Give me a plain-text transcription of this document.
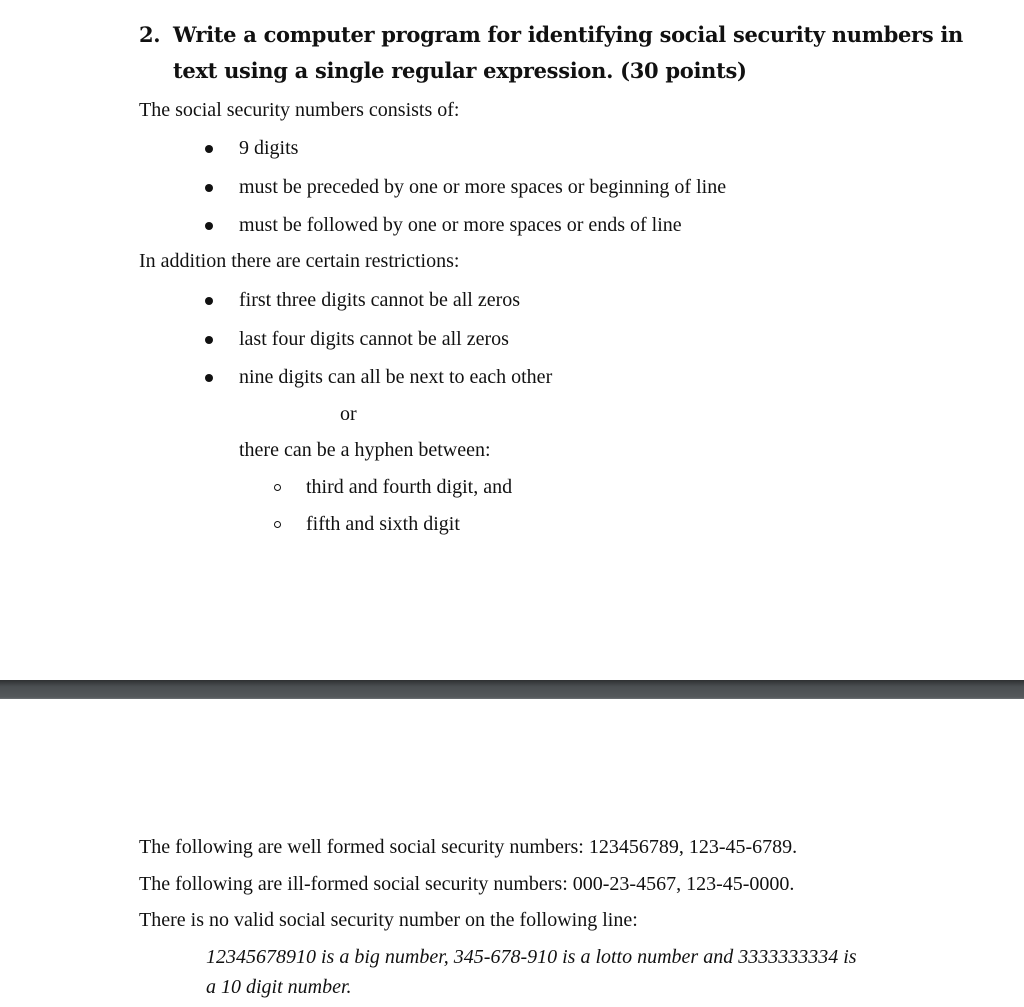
2. Write a computer program for identifying social security numbers in
text using a single regular expression. (30 points)
The social security numbers consists of:
9 digits
must be preceded by one or more spaces or beginning of line
must be followed by one or more spaces or ends of line
In addition there are certain restrictions:
first three digits cannot be all zeros
last four digits cannot be all zeros
nine digits can all be next to each other
or
there can be a hyphen between:
third and fourth digit, and
fifth and sixth digit
The following are well formed social security numbers: 123456789, 123-45-6789.
The following are ill-formed social security numbers: 000-23-4567, 123-45-0000.
There is no valid social security number on the following line:
12345678910 is a big number, 345-678-910 is a lotto number and 3333333334 is
a 10 digit number.
